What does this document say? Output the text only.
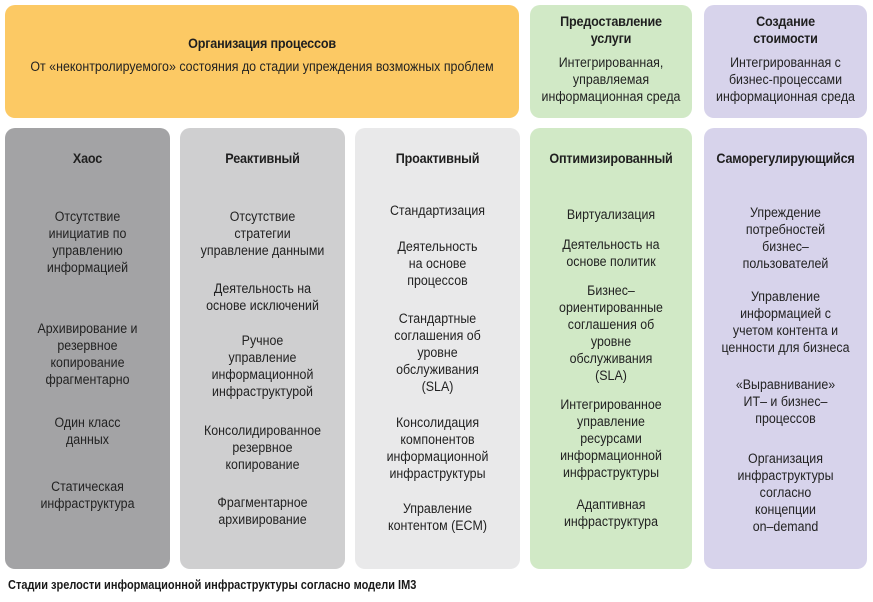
Организация процессов
От «неконтролируемого» состояния до стадии упреждения возможных проблем
Предоставление
услуги
Интегрированная,
управляемая
информационная среда
Создание
стоимости
Интегрированная с
бизнес-процессами
информационная среда
Хаос
Отсутствие
инициатив по
управлению
информацией
Архивирование и
резервное
копирование
фрагментарно
Один класс
данных
Статическая
инфраструктура
Реактивный
Отсутствие
стратегии
управление данными
Деятельность на
основе исключений
Ручное
управление
информационной
инфраструктурой
Консолидированное
резервное
копирование
Фрагментарное
архивирование
Проактивный
Стандартизация
Деятельность
на основе
процессов
Стандартные
соглашения об
уровне
обслуживания
(SLA)
Консолидация
компонентов
информационной
инфраструктуры
Управление
контентом (ECM)
Оптимизированный
Виртуализация
Деятельность на
основе политик
Бизнес–
ориентированные
соглашения об
уровне
обслуживания
(SLA)
Интегрированное
управление
ресурсами
информационной
инфраструктуры
Адаптивная
инфраструктура
Саморегулирующийся
Упреждение
потребностей
бизнес–
пользователей
Управление
информацией с
учетом контента и
ценности для бизнеса
«Выравнивание»
ИТ– и бизнес–
процессов
Организация
инфраструктуры
согласно
концепции
on–demand
Стадии зрелости информационной инфраструктуры согласно модели IM3
